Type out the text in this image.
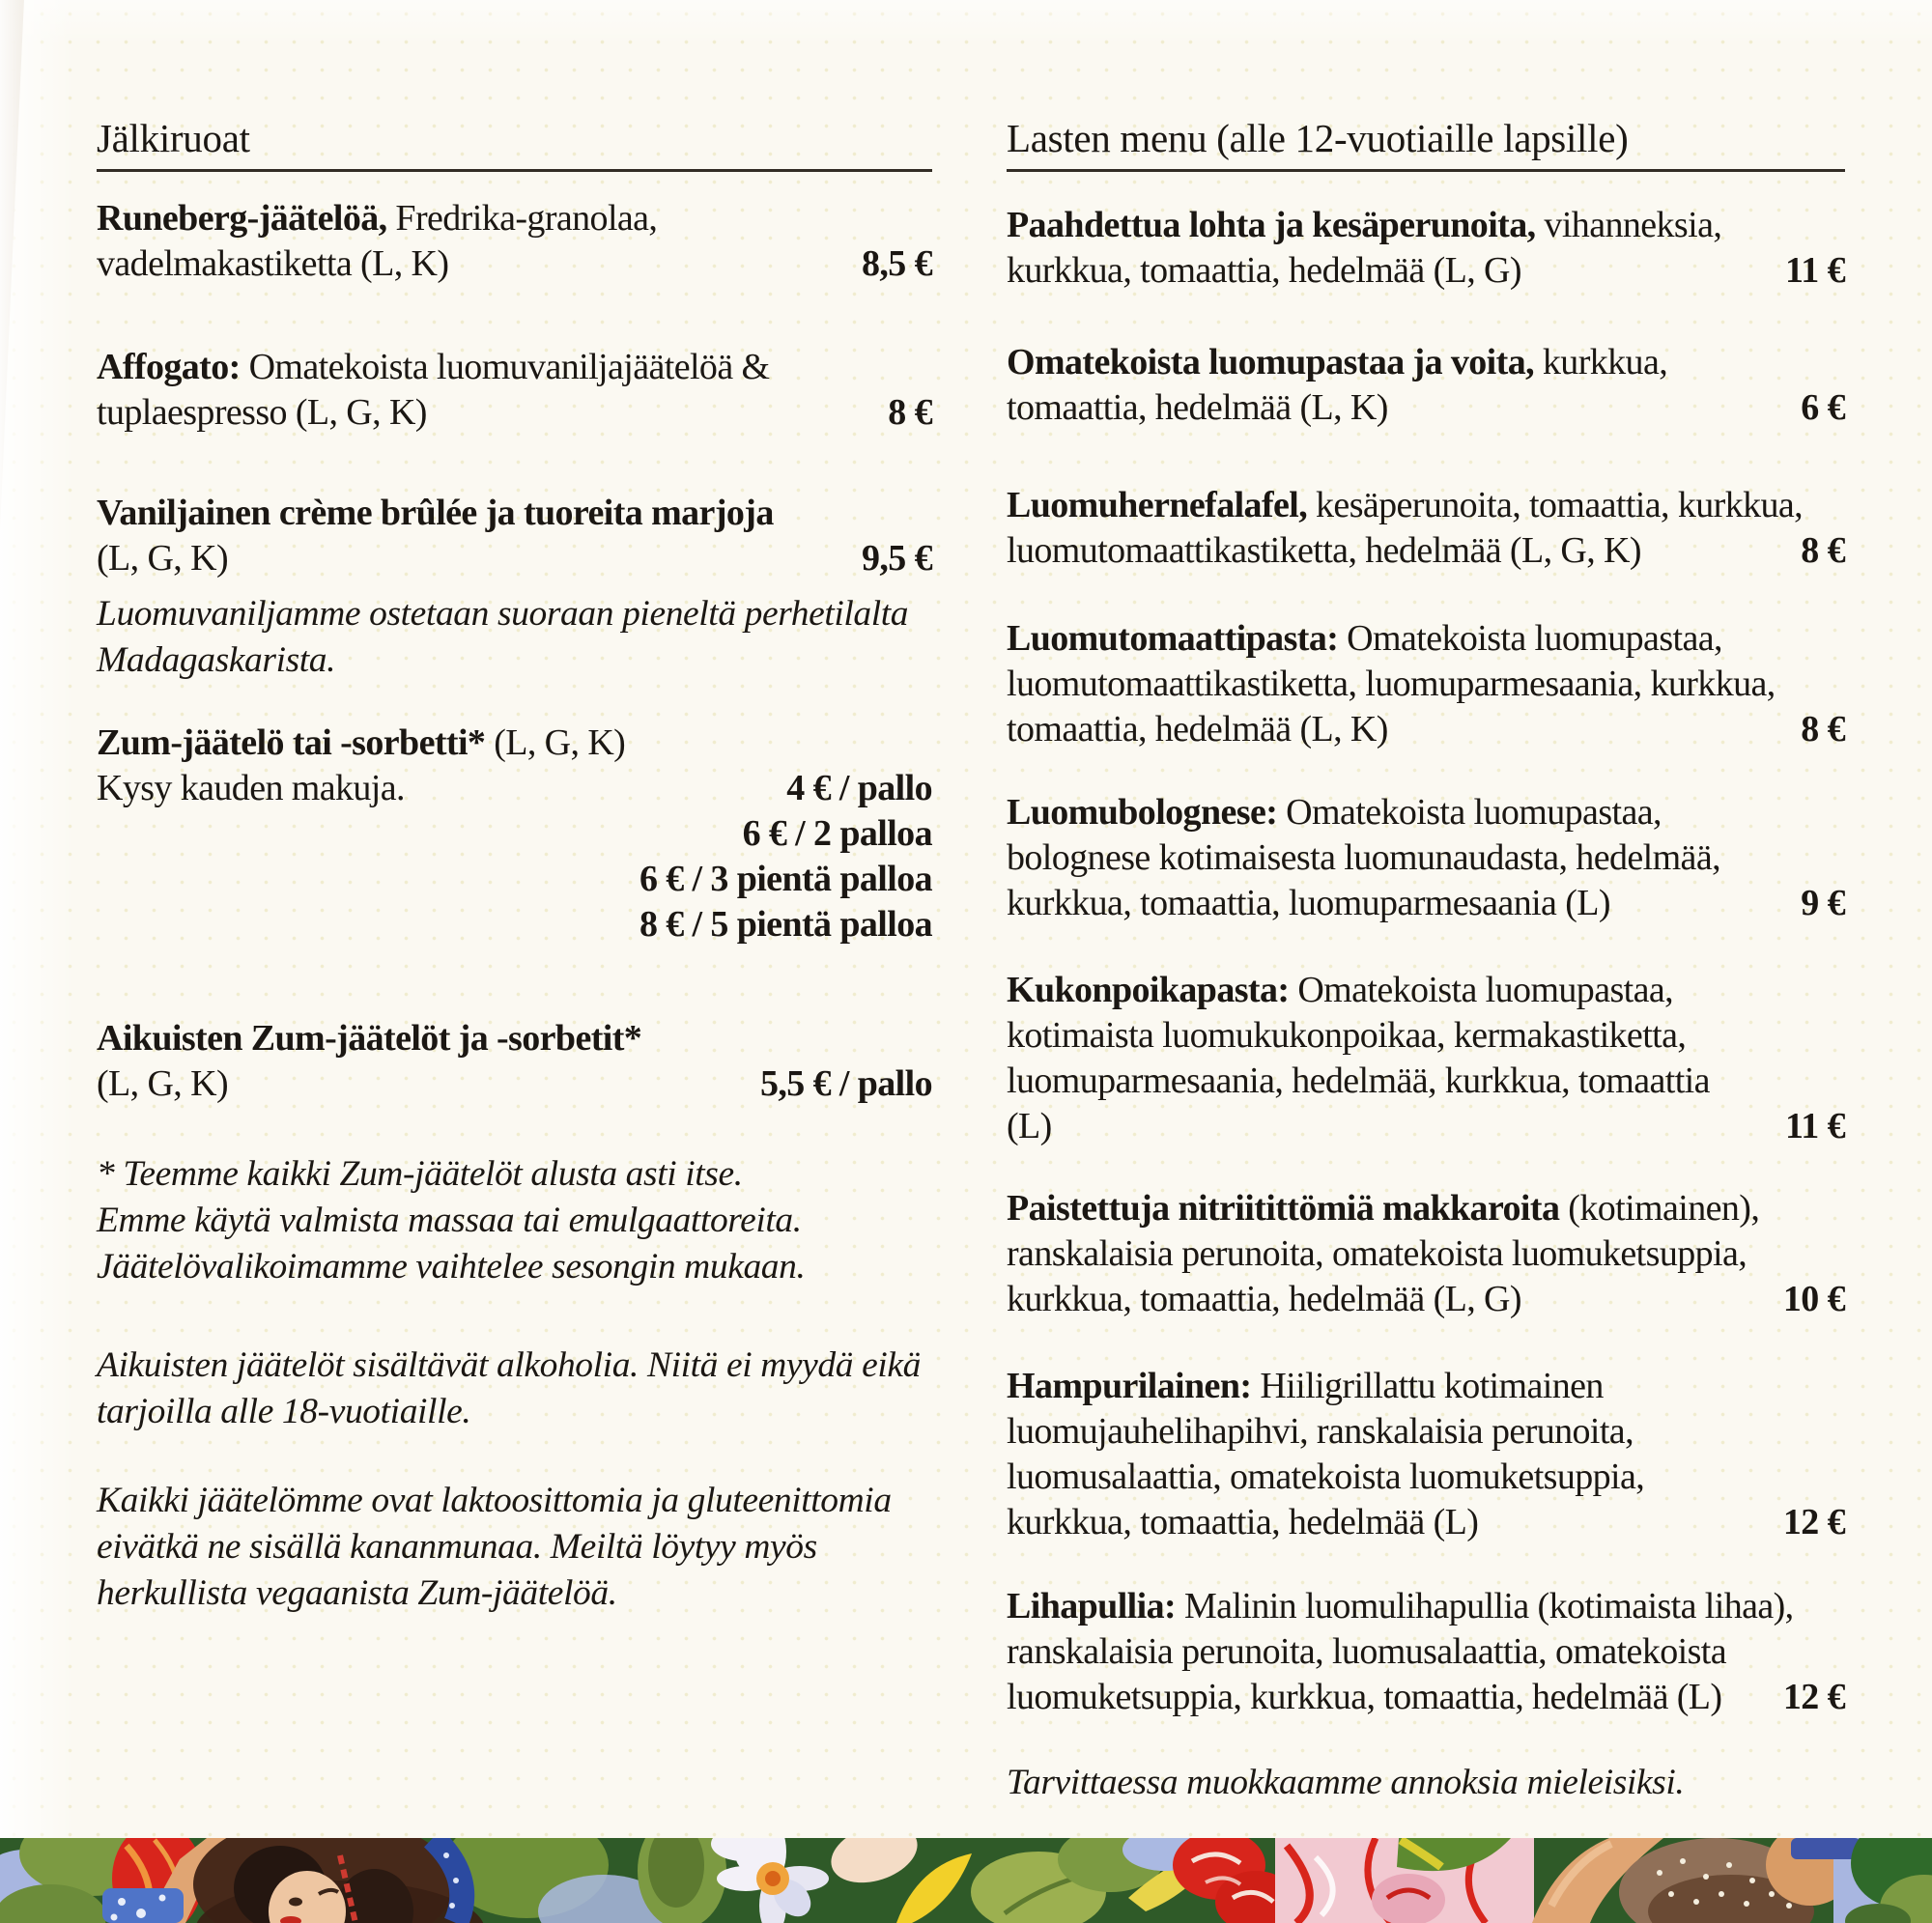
Jälkiruoat
Runeberg-jäätelöä, Fredrika-granolaa,
vadelmakastiketta (L, K)	8,5 €
Affogato: Omatekoista luomuvaniljajäätelöä &
tuplaespresso (L, G, K)	8 €
Vaniljainen crème brûlée ja tuoreita marjoja
(L, G, K)	9,5 €
Luomuvaniljamme ostetaan suoraan pieneltä perhetilalta
Madagaskarista.
Zum-jäätelö tai -sorbetti* (L, G, K)
Kysy kauden makuja.	4 € / pallo
6 € / 2 palloa
6 € / 3 pientä palloa
8 € / 5 pientä palloa
Aikuisten Zum-jäätelöt ja -sorbetit*
(L, G, K)	5,5 € / pallo
* Teemme kaikki Zum-jäätelöt alusta asti itse.
Emme käytä valmista massaa tai emulgaattoreita.
Jäätelövalikoimamme vaihtelee sesongin mukaan.
Aikuisten jäätelöt sisältävät alkoholia. Niitä ei myydä eikä
tarjoilla alle 18-vuotiaille.
Kaikki jäätelömme ovat laktoosittomia ja gluteenittomia
eivätkä ne sisällä kananmunaa. Meiltä löytyy myös
herkullista vegaanista Zum-jäätelöä.
Lasten menu (alle 12-vuotiaille lapsille)
Paahdettua lohta ja kesäperunoita, vihanneksia,
kurkkua, tomaattia, hedelmää (L, G)	11 €
Omatekoista luomupastaa ja voita, kurkkua,
tomaattia, hedelmää (L, K)	6 €
Luomuhernefalafel, kesäperunoita, tomaattia, kurkkua,
luomutomaattikastiketta, hedelmää (L, G, K)	8 €
Luomutomaattipasta: Omatekoista luomupastaa,
luomutomaattikastiketta, luomuparmesaania, kurkkua,
tomaattia, hedelmää (L, K)	8 €
Luomubolognese: Omatekoista luomupastaa,
bolognese kotimaisesta luomunaudasta, hedelmää,
kurkkua, tomaattia, luomuparmesaania (L)	9 €
Kukonpoikapasta: Omatekoista luomupastaa,
kotimaista luomukukonpoikaa, kermakastiketta,
luomuparmesaania, hedelmää, kurkkua, tomaattia
(L)	11 €
Paistettuja nitriitittömiä makkaroita (kotimainen),
ranskalaisia perunoita, omatekoista luomuketsuppia,
kurkkua, tomaattia, hedelmää (L, G)	10 €
Hampurilainen: Hiiligrillattu kotimainen
luomujauhelihapihvi, ranskalaisia perunoita,
luomusalaattia, omatekoista luomuketsuppia,
kurkkua, tomaattia, hedelmää (L)	12 €
Lihapullia: Malinin luomulihapullia (kotimaista lihaa),
ranskalaisia perunoita, luomusalaattia, omatekoista
luomuketsuppia, kurkkua, tomaattia, hedelmää (L)	12 €
Tarvittaessa muokkaamme annoksia mieleisiksi.
